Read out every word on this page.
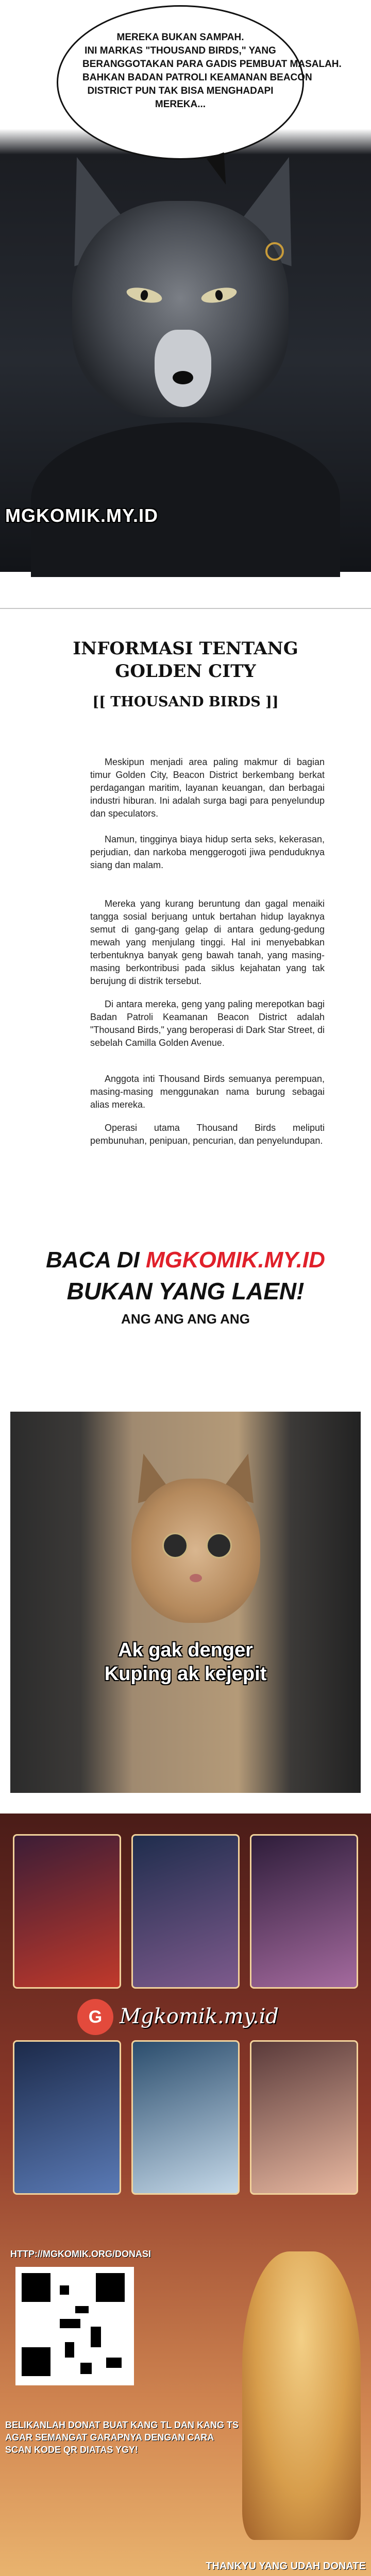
MEREKA BUKAN SAMPAH.
INI MARKAS "THOUSAND BIRDS," YANG
BERANGGOTAKAN PARA GADIS PEMBUAT MASALAH.
BAHKAN BADAN PATROLI KEAMANAN BEACON
DISTRICT PUN TAK BISA MENGHADAPI
MEREKA...
MGKOMIK.MY.ID
INFORMASI TENTANG
GOLDEN CITY
[[ THOUSAND BIRDS ]]
Meskipun menjadi area paling makmur di bagian timur Golden City, Beacon District berkembang berkat perdagangan maritim, layanan keuangan, dan berbagai industri hiburan. Ini adalah surga bagi para penyelundup dan speculators.
Namun, tingginya biaya hidup serta seks, kekerasan, perjudian, dan narkoba menggerogoti jiwa penduduknya siang dan malam.
Mereka yang kurang beruntung dan gagal menaiki tangga sosial berjuang untuk bertahan hidup layaknya semut di gang-gang gelap di antara gedung-gedung mewah yang menjulang tinggi. Hal ini menyebabkan terbentuknya banyak geng bawah tanah, yang masing-masing berkontribusi pada siklus kejahatan yang tak berujung di distrik tersebut.
Di antara mereka, geng yang paling merepotkan bagi Badan Patroli Keamanan Beacon District adalah "Thousand Birds," yang beroperasi di Dark Star Street, di sebelah Camilla Golden Avenue.
Anggota inti Thousand Birds semuanya perempuan, masing-masing menggunakan nama burung sebagai alias mereka.
Operasi utama Thousand Birds meliputi pembunuhan, penipuan, pencurian, dan penyelundupan.
BACA DI MGKOMIK.MY.ID
BUKAN YANG LAEN!
ANG ANG ANG ANG
Ak gak denger
Kuping ak kejepit
G Mgkomik.my.id
HTTP://MGKOMIK.ORG/DONASI
BELIKANLAH DONAT BUAT KANG TL DAN KANG TS
AGAR SEMANGAT GARAPNYA DENGAN CARA
SCAN KODE QR DIATAS YGY!
THANKYU YANG UDAH DONATE
